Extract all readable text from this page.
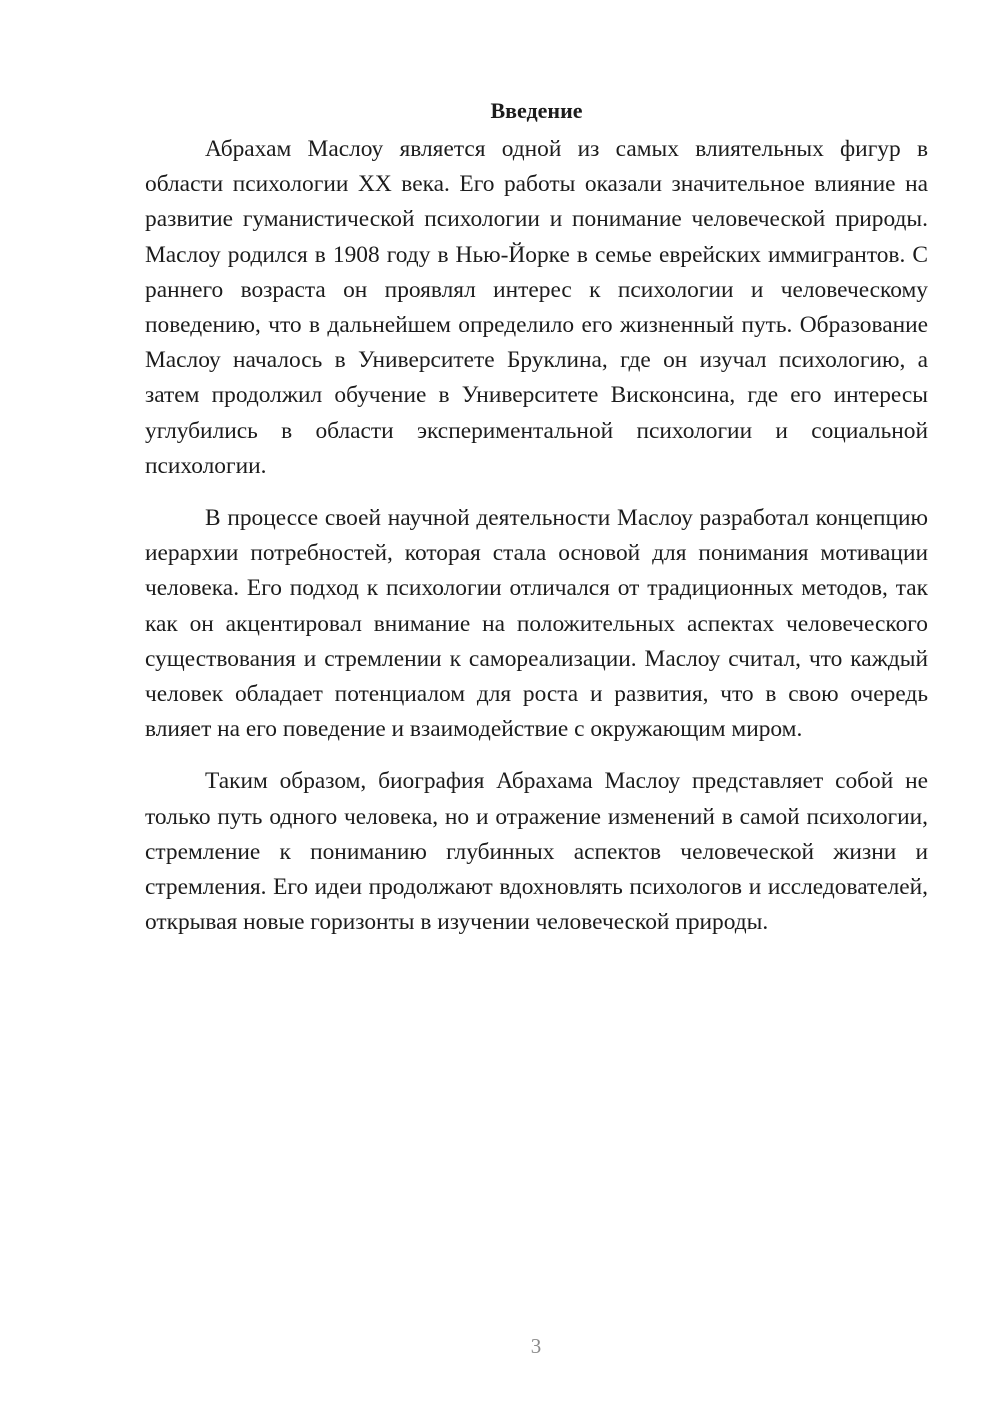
Введение

Абрахам Маслоу является одной из самых влиятельных фигур в области психологии XX века. Его работы оказали значительное влияние на развитие гуманистической психологии и понимание человеческой природы. Маслоу родился в 1908 году в Нью-Йорке в семье еврейских иммигрантов. С раннего возраста он проявлял интерес к психологии и человеческому поведению, что в дальнейшем определило его жизненный путь. Образование Маслоу началось в Университете Бруклина, где он изучал психологию, а затем продолжил обучение в Университете Висконсина, где его интересы углубились в области экспериментальной психологии и социальной психологии.

В процессе своей научной деятельности Маслоу разработал концепцию иерархии потребностей, которая стала основой для понимания мотивации человека. Его подход к психологии отличался от традиционных методов, так как он акцентировал внимание на положительных аспектах человеческого существования и стремлении к самореализации. Маслоу считал, что каждый человек обладает потенциалом для роста и развития, что в свою очередь влияет на его поведение и взаимодействие с окружающим миром.

Таким образом, биография Абрахама Маслоу представляет собой не только путь одного человека, но и отражение изменений в самой психологии, стремление к пониманию глубинных аспектов человеческой жизни и стремления. Его идеи продолжают вдохновлять психологов и исследователей, открывая новые горизонты в изучении человеческой природы.

3
